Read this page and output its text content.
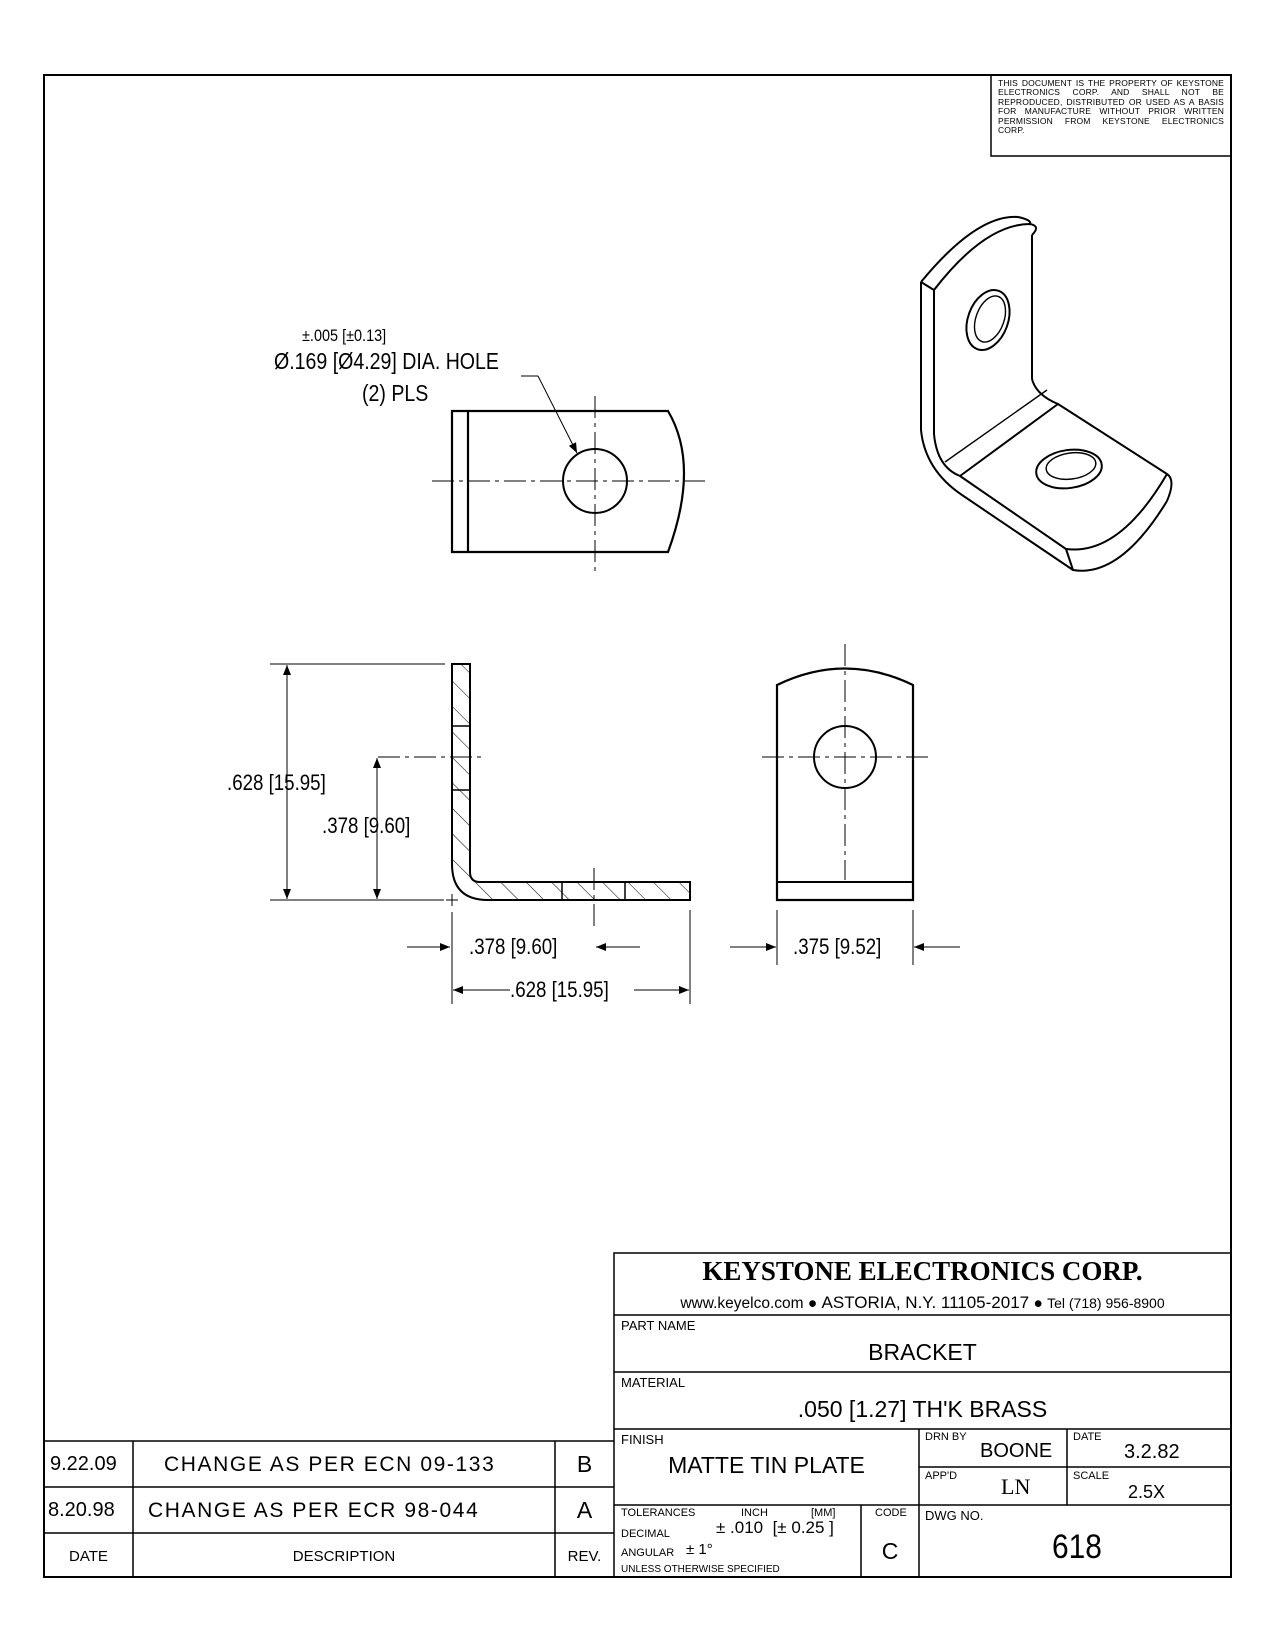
THIS DOCUMENT IS THE PROPERTY OF KEYSTONE ELECTRONICS CORP. AND SHALL NOT BE REPRODUCED, DISTRIBUTED OR USED AS A BASIS FOR MANUFACTURE WITHOUT PRIOR WRITTEN PERMISSION FROM KEYSTONE ELECTRONICS CORP.
±.005 [±0.13]
Ø.169 [Ø4.29] DIA. HOLE
(2) PLS
.628 [15.95]
.378 [9.60]
.378 [9.60]
.628 [15.95]
.375 [9.52]
KEYSTONE ELECTRONICS CORP.
www.keyelco.com ● ASTORIA, N.Y. 11105-2017 ● Tel (718) 956-8900
PART NAME
BRACKET
MATERIAL
.050 [1.27] TH'K BRASS
FINISH
MATTE TIN PLATE
DRN BY
BOONE
DATE
3.2.82
APP'D LN	SCALE
2.5X
TOLERANCES	INCH	[MM]	CODE
DECIMAL	± .010  [± 0.25 ]
ANGULAR ± 1°
UNLESS OTHERWISE SPECIFIED
C
DWG NO.
618
9.22.09 CHANGE AS PER ECN 09-133	B
8.20.98 CHANGE AS PER ECR 98-044	A
DATE	DESCRIPTION	REV.
